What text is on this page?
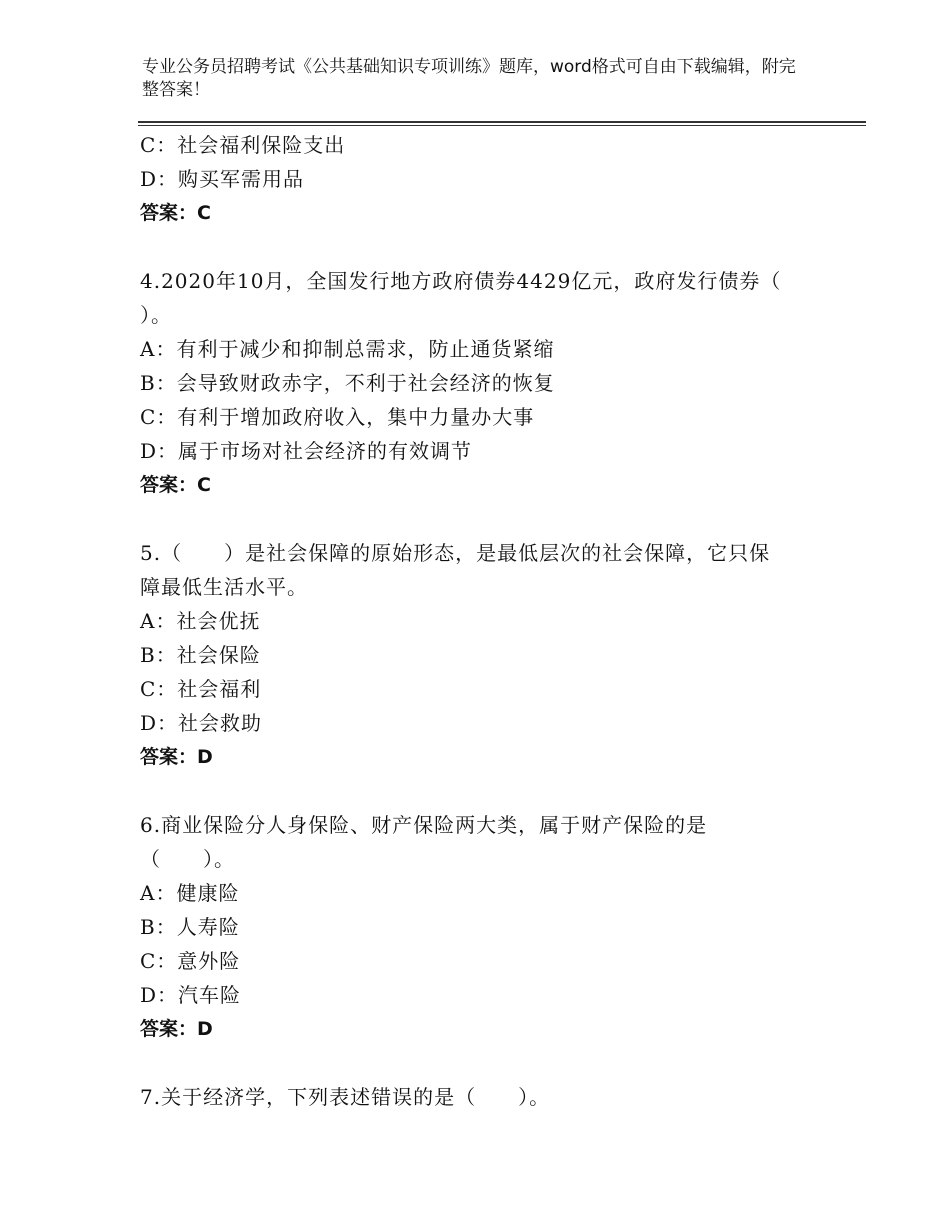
专业公务员招聘考试《公共基础知识专项训练》题库，word格式可自由下载编辑，附完整答案！
C：社会福利保险支出
D：购买军需用品
答案：C
4.2020年10月，全国发行地方政府债券4429亿元，政府发行债券（
）。
A：有利于减少和抑制总需求，防止通货紧缩
B：会导致财政赤字，不利于社会经济的恢复
C：有利于增加政府收入，集中力量办大事
D：属于市场对社会经济的有效调节
答案：C
5.（　　）是社会保障的原始形态，是最低层次的社会保障，它只保
障最低生活水平。
A：社会优抚
B：社会保险
C：社会福利
D：社会救助
答案：D
6.商业保险分人身保险、财产保险两大类，属于财产保险的是
（　　）。
A：健康险
B：人寿险
C：意外险
D：汽车险
答案：D
7.关于经济学，下列表述错误的是（　　）。
